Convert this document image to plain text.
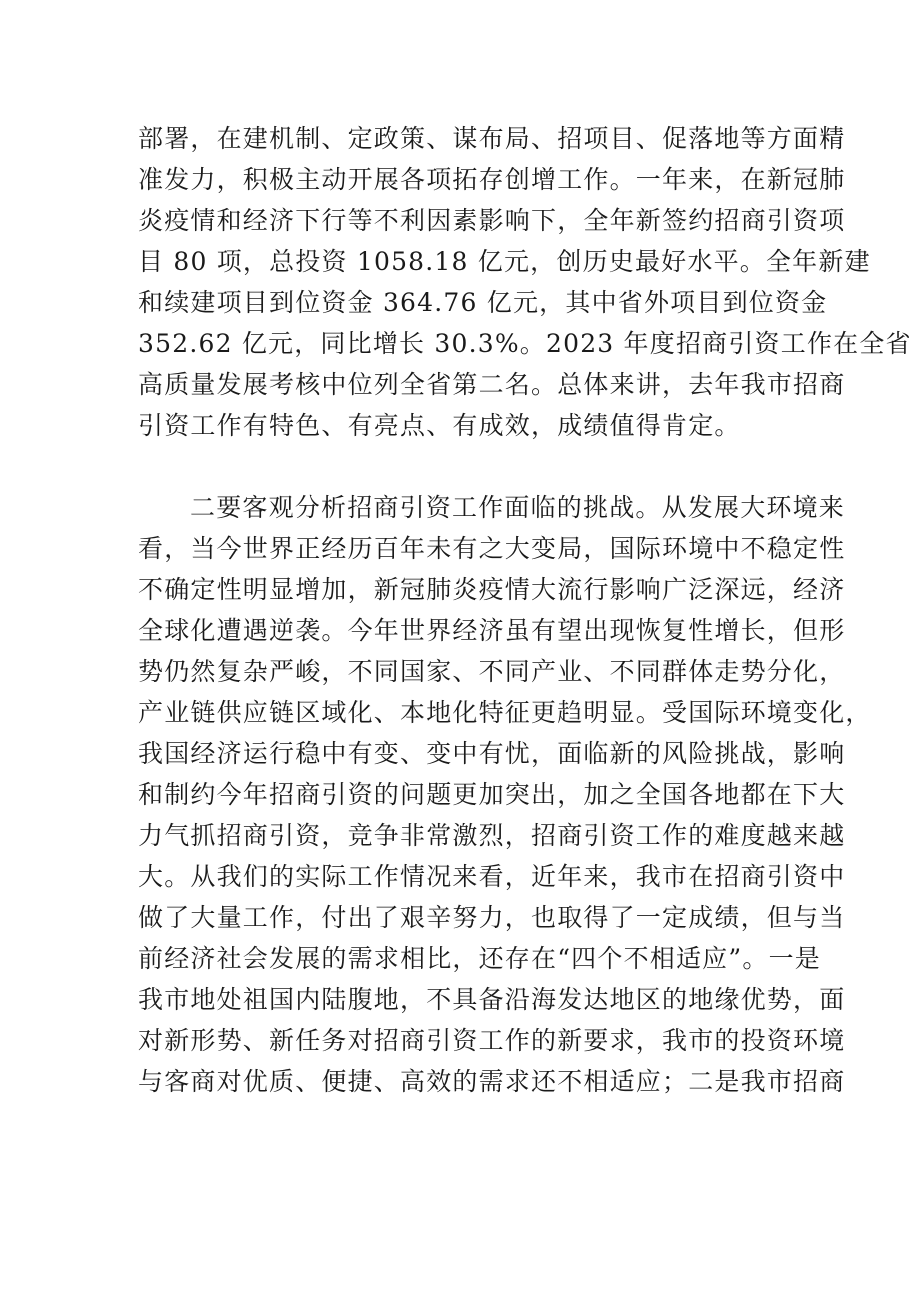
部署，在建机制、定政策、谋布局、招项目、促落地等方面精
准发力，积极主动开展各项拓存创增工作。一年来，在新冠肺
炎疫情和经济下行等不利因素影响下，全年新签约招商引资项
目 80 项，总投资 1058.18 亿元，创历史最好水平。全年新建
和续建项目到位资金 364.76 亿元，其中省外项目到位资金
352.62 亿元，同比增长 30.3%。2023 年度招商引资工作在全省
高质量发展考核中位列全省第二名。总体来讲，去年我市招商
引资工作有特色、有亮点、有成效，成绩值得肯定。
二要客观分析招商引资工作面临的挑战。从发展大环境来
看，当今世界正经历百年未有之大变局，国际环境中不稳定性
不确定性明显增加，新冠肺炎疫情大流行影响广泛深远，经济
全球化遭遇逆袭。今年世界经济虽有望出现恢复性增长，但形
势仍然复杂严峻，不同国家、不同产业、不同群体走势分化，
产业链供应链区域化、本地化特征更趋明显。受国际环境变化，
我国经济运行稳中有变、变中有忧，面临新的风险挑战，影响
和制约今年招商引资的问题更加突出，加之全国各地都在下大
力气抓招商引资，竞争非常激烈，招商引资工作的难度越来越
大。从我们的实际工作情况来看，近年来，我市在招商引资中
做了大量工作，付出了艰辛努力，也取得了一定成绩，但与当
前经济社会发展的需求相比，还存在“四个不相适应”。一是
我市地处祖国内陆腹地，不具备沿海发达地区的地缘优势，面
对新形势、新任务对招商引资工作的新要求，我市的投资环境
与客商对优质、便捷、高效的需求还不相适应；二是我市招商
